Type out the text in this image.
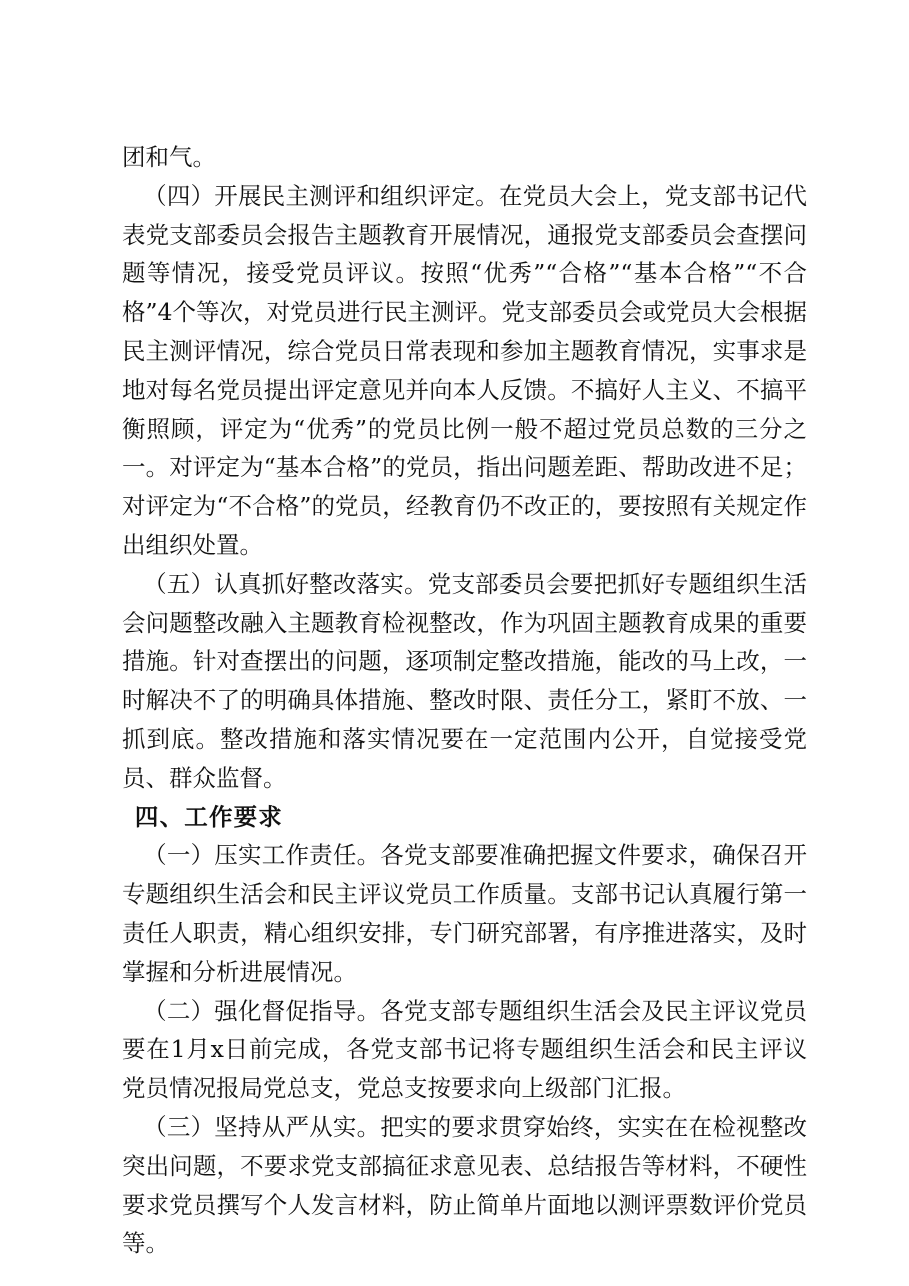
团和气。

（四）开展民主测评和组织评定。在党员大会上，党支部书记代表党支部委员会报告主题教育开展情况，通报党支部委员会查摆问题等情况，接受党员评议。按照“优秀”“合格”“基本合格”“不合格”4个等次，对党员进行民主测评。党支部委员会或党员大会根据民主测评情况，综合党员日常表现和参加主题教育情况，实事求是地对每名党员提出评定意见并向本人反馈。不搞好人主义、不搞平衡照顾，评定为“优秀”的党员比例一般不超过党员总数的三分之一。对评定为“基本合格”的党员，指出问题差距、帮助改进不足；对评定为“不合格”的党员，经教育仍不改正的，要按照有关规定作出组织处置。

（五）认真抓好整改落实。党支部委员会要把抓好专题组织生活会问题整改融入主题教育检视整改，作为巩固主题教育成果的重要措施。针对查摆出的问题，逐项制定整改措施，能改的马上改，一时解决不了的明确具体措施、整改时限、责任分工，紧盯不放、一抓到底。整改措施和落实情况要在一定范围内公开，自觉接受党员、群众监督。

四、工作要求

（一）压实工作责任。各党支部要准确把握文件要求，确保召开专题组织生活会和民主评议党员工作质量。支部书记认真履行第一责任人职责，精心组织安排，专门研究部署，有序推进落实，及时掌握和分析进展情况。

（二）强化督促指导。各党支部专题组织生活会及民主评议党员要在1月x日前完成，各党支部书记将专题组织生活会和民主评议党员情况报局党总支，党总支按要求向上级部门汇报。

（三）坚持从严从实。把实的要求贯穿始终，实实在在检视整改突出问题，不要求党支部搞征求意见表、总结报告等材料，不硬性要求党员撰写个人发言材料，防止简单片面地以测评票数评价党员等。
